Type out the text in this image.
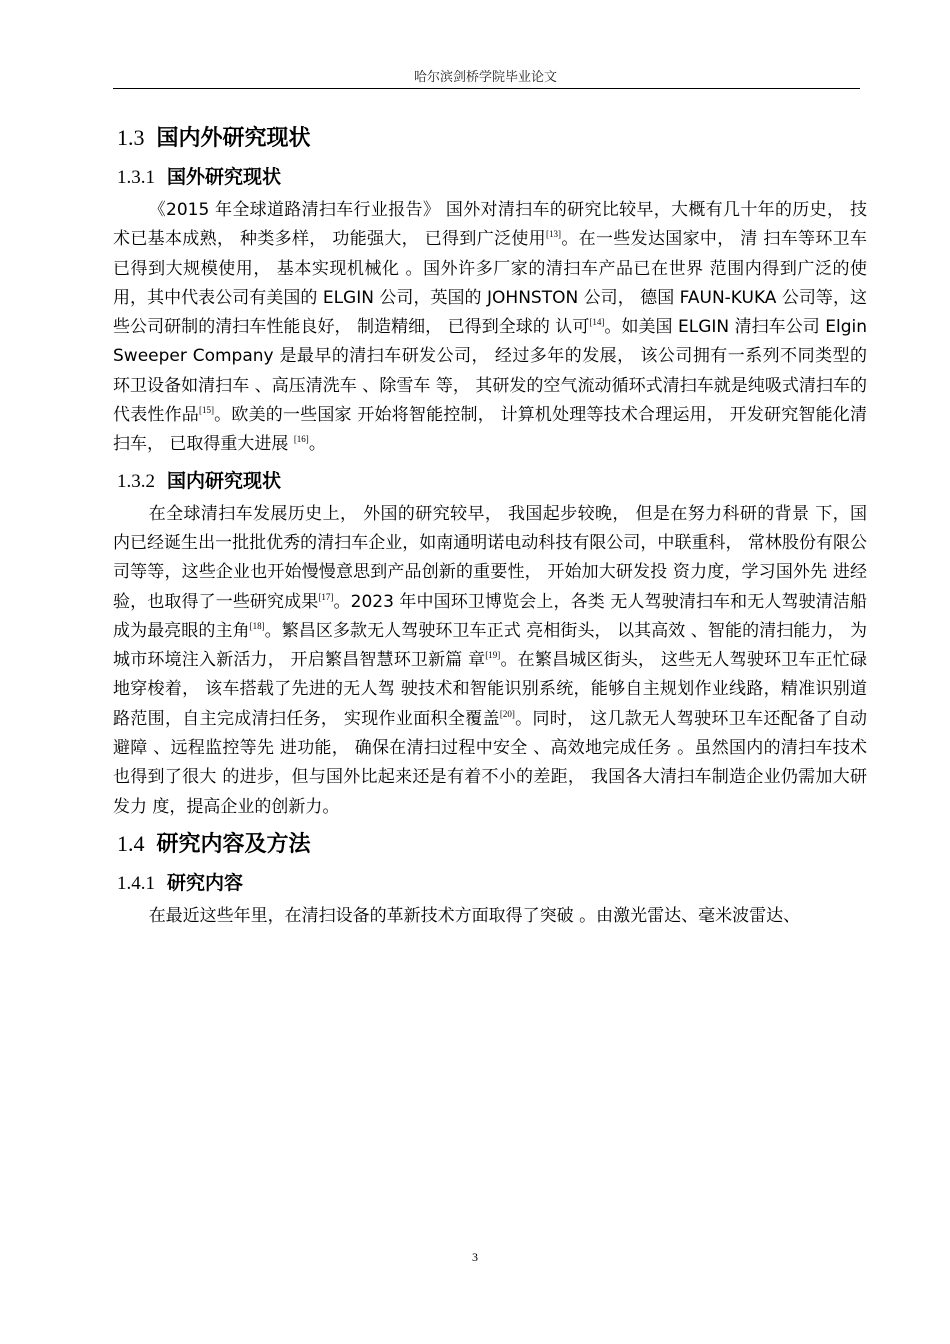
哈尔滨剑桥学院毕业论文
1.3 国内外研究现状
1.3.1 国外研究现状

《2015 年全球道路清扫车行业报告》 国外对清扫车的研究比较早，大概有几十年的历史， 技术已基本成熟， 种类多样， 功能强大， 已得到广泛使用[13]。在一些发达国家中， 清 扫车等环卫车已得到大规模使用， 基本实现机械化 。国外许多厂家的清扫车产品已在世界 范围内得到广泛的使用，其中代表公司有美国的 ELGIN 公司，英国的 JOHNSTON 公司， 德国 FAUN-KUKA 公司等，这些公司研制的清扫车性能良好， 制造精细， 已得到全球的 认可[14]。如美国 ELGIN 清扫车公司 Elgin Sweeper Company 是最早的清扫车研发公司， 经过多年的发展， 该公司拥有一系列不同类型的环卫设备如清扫车 、高压清洗车 、除雪车 等， 其研发的空气流动循环式清扫车就是纯吸式清扫车的代表性作品[15]。欧美的一些国家 开始将智能控制， 计算机处理等技术合理运用， 开发研究智能化清扫车， 已取得重大进展 [16]。

1.3.2 国内研究现状

在全球清扫车发展历史上， 外国的研究较早， 我国起步较晚， 但是在努力科研的背景 下，国内已经诞生出一批批优秀的清扫车企业，如南通明诺电动科技有限公司，中联重科， 常林股份有限公司等等，这些企业也开始慢慢意思到产品创新的重要性， 开始加大研发投 资力度，学习国外先 进经验，也取得了一些研究成果[17]。2023 年中国环卫博览会上，各类 无人驾驶清扫车和无人驾驶清洁船成为最亮眼的主角[18]。繁昌区多款无人驾驶环卫车正式 亮相街头， 以其高效 、智能的清扫能力， 为城市环境注入新活力， 开启繁昌智慧环卫新篇 章[19]。在繁昌城区街头， 这些无人驾驶环卫车正忙碌地穿梭着， 该车搭载了先进的无人驾 驶技术和智能识别系统，能够自主规划作业线路，精准识别道路范围，自主完成清扫任务， 实现作业面积全覆盖[20]。同时， 这几款无人驾驶环卫车还配备了自动避障 、远程监控等先 进功能， 确保在清扫过程中安全 、高效地完成任务 。虽然国内的清扫车技术也得到了很大 的进步，但与国外比起来还是有着不小的差距， 我国各大清扫车制造企业仍需加大研发力 度，提高企业的创新力。

1.4 研究内容及方法
1.4.1 研究内容

在最近这些年里，在清扫设备的革新技术方面取得了突破 。由激光雷达、毫米波雷达、

3
